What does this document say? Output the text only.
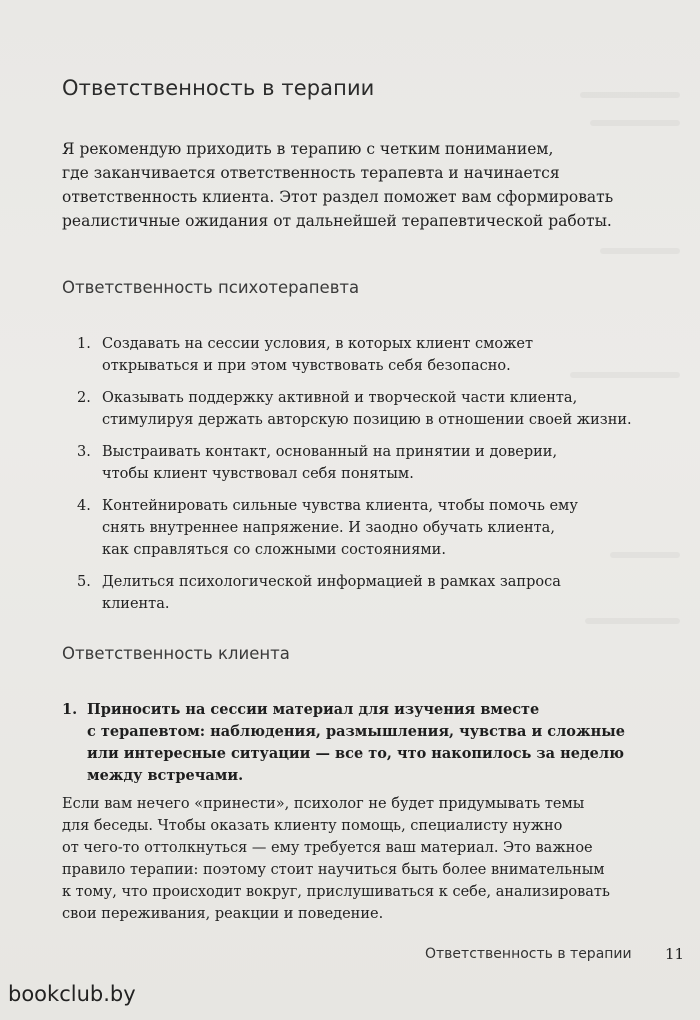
Ответственность в терапии
Я рекомендую приходить в терапию с четким пониманием,
где заканчивается ответственность терапевта и начинается
ответственность клиента. Этот раздел поможет вам сформировать
реалистичные ожидания от дальнейшей терапевтической работы.
Ответственность психотерапевта
1. Создавать на сессии условия, в которых клиент сможет
открываться и при этом чувствовать себя безопасно.
2. Оказывать поддержку активной и творческой части клиента,
стимулируя держать авторскую позицию в отношении своей жизни.
3. Выстраивать контакт, основанный на принятии и доверии,
чтобы клиент чувствовал себя понятым.
4. Контейнировать сильные чувства клиента, чтобы помочь ему
снять внутреннее напряжение. И заодно обучать клиента,
как справляться со сложными состояниями.
5. Делиться психологической информацией в рамках запроса
клиента.
Ответственность клиента
1. Приносить на сессии материал для изучения вместе
с терапевтом: наблюдения, размышления, чувства и сложные
или интересные ситуации — все то, что накопилось за неделю
между встречами.
Если вам нечего «принести», психолог не будет придумывать темы
для беседы. Чтобы оказать клиенту помощь, специалисту нужно
от чего-то оттолкнуться — ему требуется ваш материал. Это важное
правило терапии: поэтому стоит научиться быть более внимательным
к тому, что происходит вокруг, прислушиваться к себе, анализировать
свои переживания, реакции и поведение.
Ответственность в терапии 11
bookclub.by
